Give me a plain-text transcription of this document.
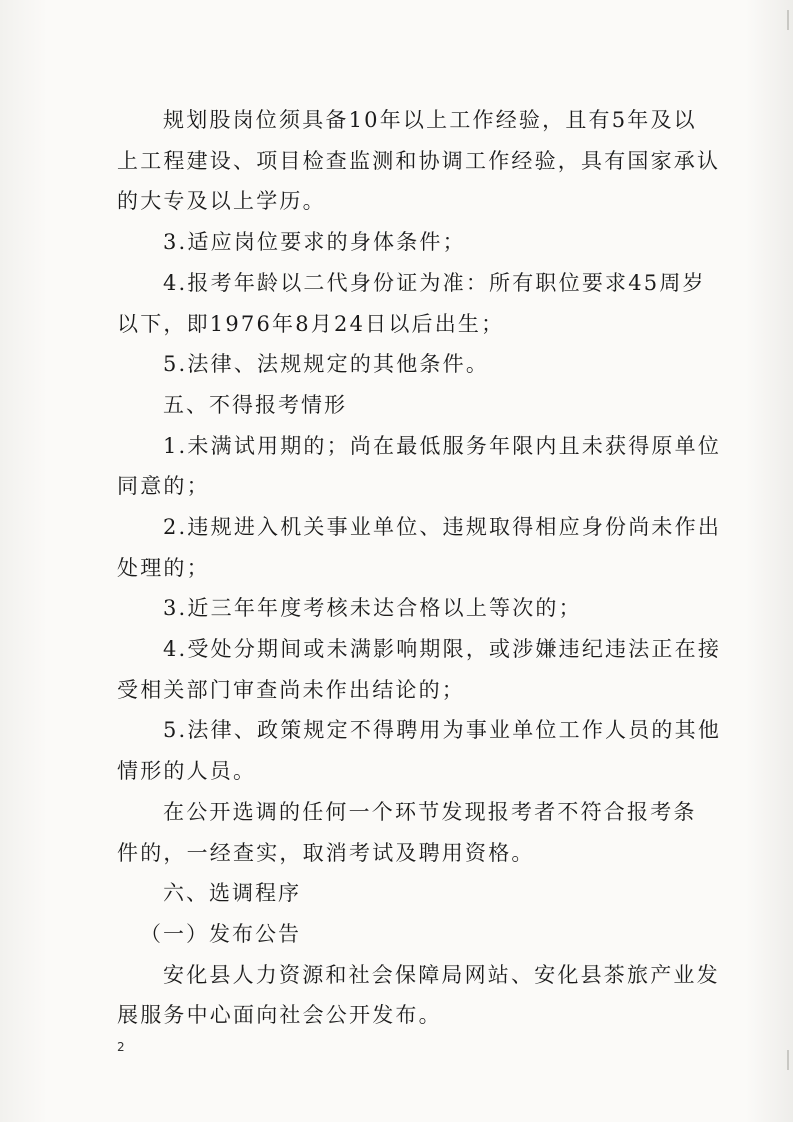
规划股岗位须具备10年以上工作经验，且有5年及以
上工程建设、项目检查监测和协调工作经验，具有国家承认
的大专及以上学历。
3.适应岗位要求的身体条件；
4.报考年龄以二代身份证为准：所有职位要求45周岁
以下，即1976年8月24日以后出生；
5.法律、法规规定的其他条件。
五、不得报考情形
1.未满试用期的；尚在最低服务年限内且未获得原单位
同意的；
2.违规进入机关事业单位、违规取得相应身份尚未作出
处理的；
3.近三年年度考核未达合格以上等次的；
4.受处分期间或未满影响期限，或涉嫌违纪违法正在接
受相关部门审查尚未作出结论的；
5.法律、政策规定不得聘用为事业单位工作人员的其他
情形的人员。
在公开选调的任何一个环节发现报考者不符合报考条
件的，一经查实，取消考试及聘用资格。
六、选调程序
（一）发布公告
安化县人力资源和社会保障局网站、安化县茶旅产业发
展服务中心面向社会公开发布。
2
